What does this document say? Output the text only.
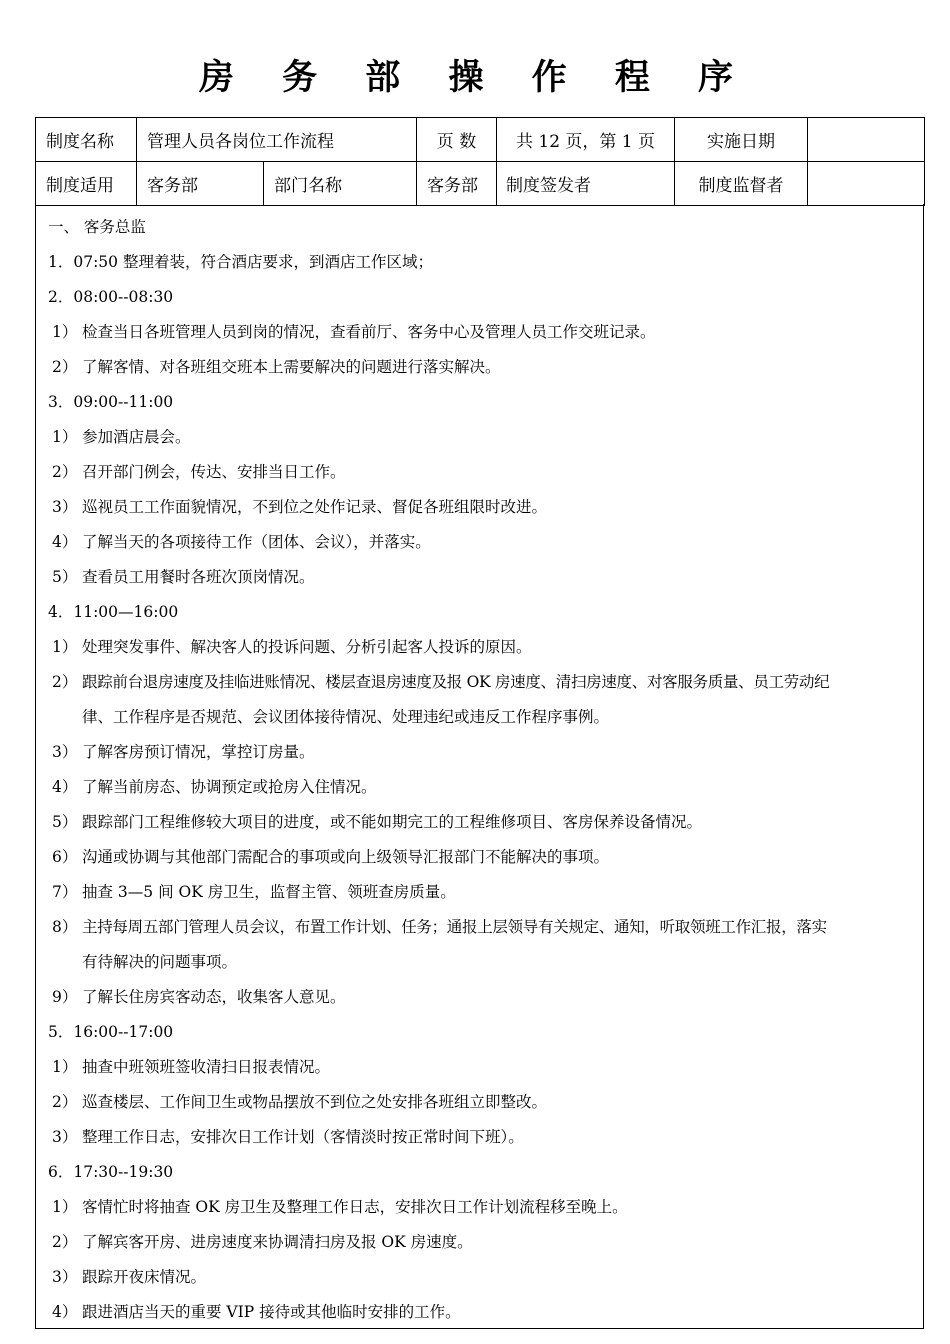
房 务 部 操 作 程 序
制度名称	管理人员各岗位工作流程		页 数	共 12 页，第 1 页	实施日期	
制度适用	客务部	部门名称	客务部	制度签发者	制度监督者	
一、 客务总监
1．07:50 整理着装，符合酒店要求，到酒店工作区域；
2．08:00--08:30
1） 检查当日各班管理人员到岗的情况，查看前厅、客务中心及管理人员工作交班记录。
2） 了解客情、对各班组交班本上需要解决的问题进行落实解决。
3．09:00--11:00
1） 参加酒店晨会。
2） 召开部门例会，传达、安排当日工作。
3） 巡视员工工作面貌情况，不到位之处作记录、督促各班组限时改进。
4） 了解当天的各项接待工作（团体、会议），并落实。
5） 查看员工用餐时各班次顶岗情况。
4．11:00—16:00
1） 处理突发事件、解决客人的投诉问题、分析引起客人投诉的原因。
2） 跟踪前台退房速度及挂临进账情况、楼层查退房速度及报 OK 房速度、清扫房速度、对客服务质量、员工劳动纪
律、工作程序是否规范、会议团体接待情况、处理违纪或违反工作程序事例。
3） 了解客房预订情况，掌控订房量。
4） 了解当前房态、协调预定或抢房入住情况。
5） 跟踪部门工程维修较大项目的进度，或不能如期完工的工程维修项目、客房保养设备情况。
6） 沟通或协调与其他部门需配合的事项或向上级领导汇报部门不能解决的事项。
7） 抽查 3—5 间 OK 房卫生，监督主管、领班查房质量。
8） 主持每周五部门管理人员会议，布置工作计划、任务；通报上层领导有关规定、通知，听取领班工作汇报，落实
有待解决的问题事项。
9） 了解长住房宾客动态，收集客人意见。
5．16:00--17:00
1） 抽查中班领班签收清扫日报表情况。
2） 巡查楼层、工作间卫生或物品摆放不到位之处安排各班组立即整改。
3） 整理工作日志，安排次日工作计划（客情淡时按正常时间下班）。
6．17:30--19:30
1） 客情忙时将抽查 OK 房卫生及整理工作日志，安排次日工作计划流程移至晚上。
2） 了解宾客开房、进房速度来协调清扫房及报 OK 房速度。
3） 跟踪开夜床情况。
4） 跟进酒店当天的重要 VIP 接待或其他临时安排的工作。
